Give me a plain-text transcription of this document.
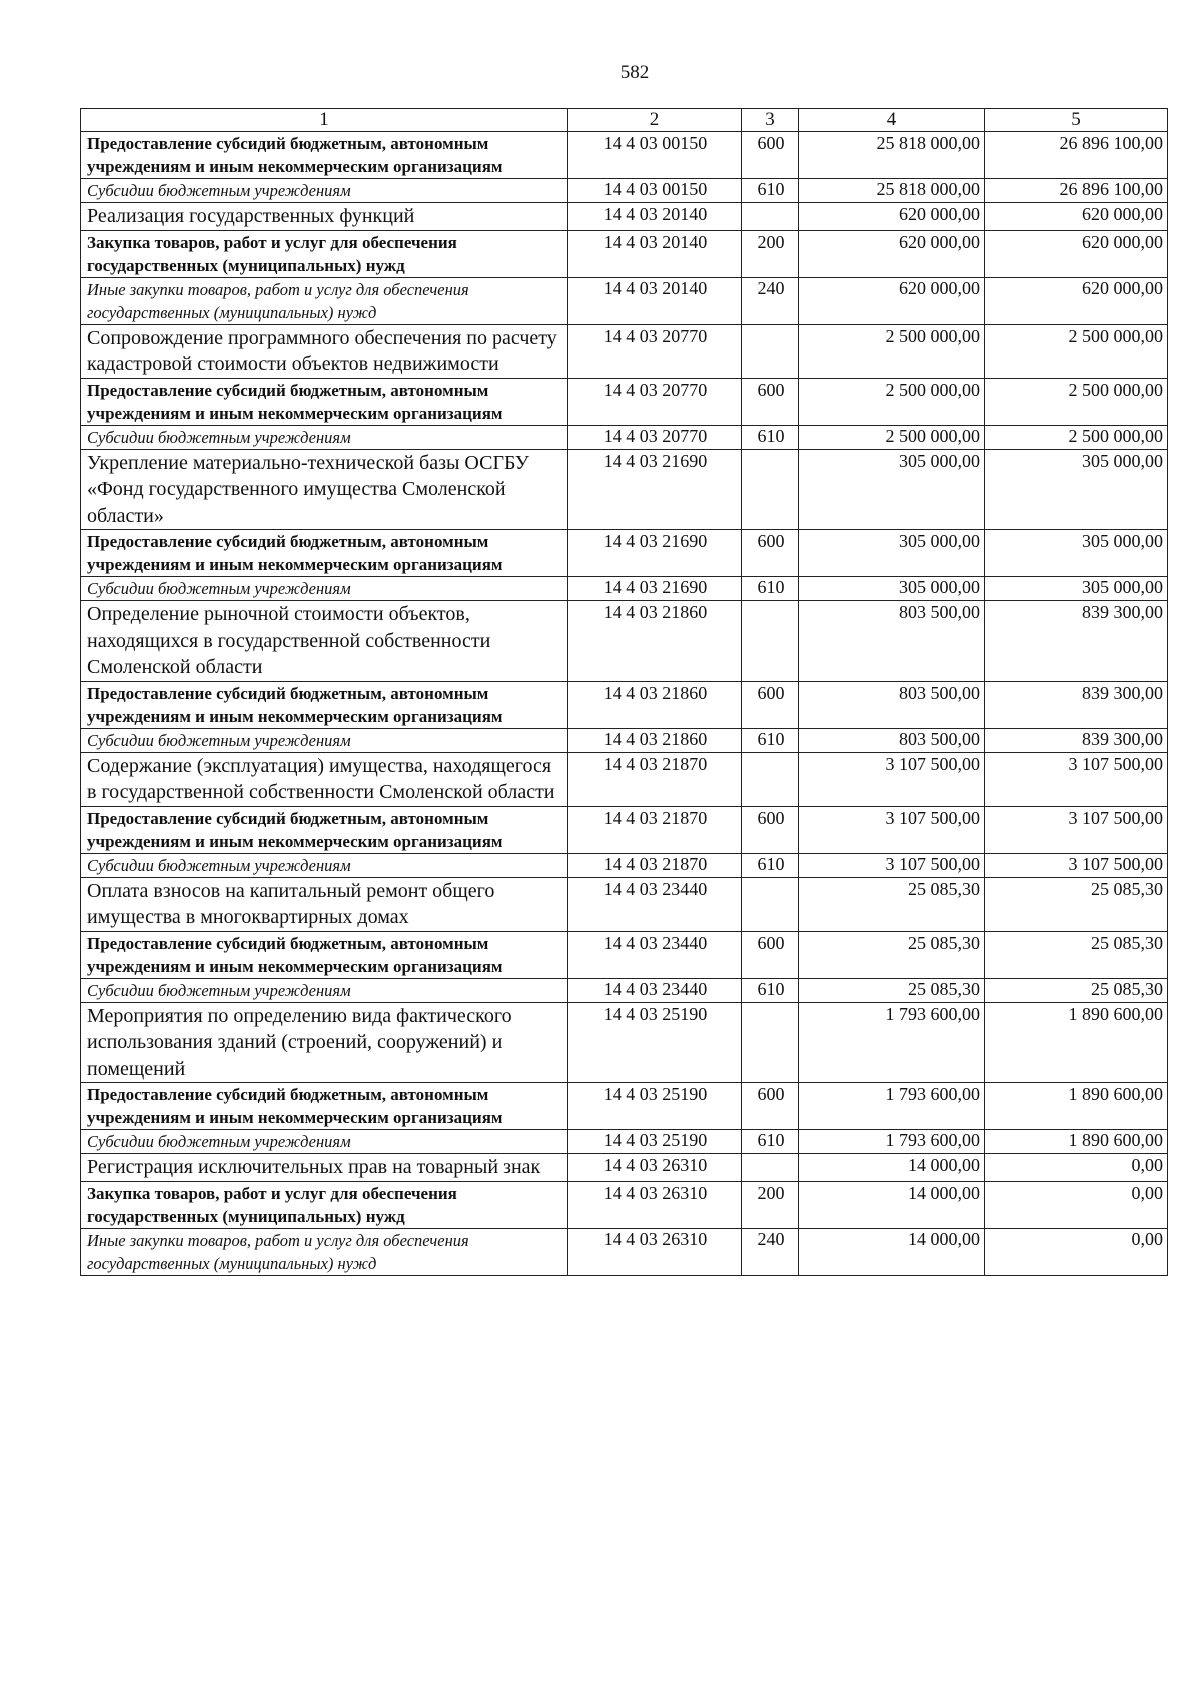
582
1	2	3	4	5
Предоставление субсидий бюджетным, автономным учреждениям и иным некоммерческим организациям	14 4 03 00150	600	25 818 000,00	26 896 100,00
Субсидии бюджетным учреждениям	14 4 03 00150	610	25 818 000,00	26 896 100,00
Реализация государственных функций	14 4 03 20140		620 000,00	620 000,00
Закупка товаров, работ и услуг для обеспечения государственных (муниципальных) нужд	14 4 03 20140	200	620 000,00	620 000,00
Иные закупки товаров, работ и услуг для обеспечения государственных (муниципальных) нужд	14 4 03 20140	240	620 000,00	620 000,00
Сопровождение программного обеспечения по расчету кадастровой стоимости объектов недвижимости	14 4 03 20770		2 500 000,00	2 500 000,00
Предоставление субсидий бюджетным, автономным учреждениям и иным некоммерческим организациям	14 4 03 20770	600	2 500 000,00	2 500 000,00
Субсидии бюджетным учреждениям	14 4 03 20770	610	2 500 000,00	2 500 000,00
Укрепление материально-технической базы ОСГБУ «Фонд государственного имущества Смоленской области»	14 4 03 21690		305 000,00	305 000,00
Предоставление субсидий бюджетным, автономным учреждениям и иным некоммерческим организациям	14 4 03 21690	600	305 000,00	305 000,00
Субсидии бюджетным учреждениям	14 4 03 21690	610	305 000,00	305 000,00
Определение рыночной стоимости объектов, находящихся в государственной собственности Смоленской области	14 4 03 21860		803 500,00	839 300,00
Предоставление субсидий бюджетным, автономным учреждениям и иным некоммерческим организациям	14 4 03 21860	600	803 500,00	839 300,00
Субсидии бюджетным учреждениям	14 4 03 21860	610	803 500,00	839 300,00
Содержание (эксплуатация) имущества, находящегося в государственной собственности Смоленской области	14 4 03 21870		3 107 500,00	3 107 500,00
Предоставление субсидий бюджетным, автономным учреждениям и иным некоммерческим организациям	14 4 03 21870	600	3 107 500,00	3 107 500,00
Субсидии бюджетным учреждениям	14 4 03 21870	610	3 107 500,00	3 107 500,00
Оплата взносов на капитальный ремонт общего имущества в многоквартирных домах	14 4 03 23440		25 085,30	25 085,30
Предоставление субсидий бюджетным, автономным учреждениям и иным некоммерческим организациям	14 4 03 23440	600	25 085,30	25 085,30
Субсидии бюджетным учреждениям	14 4 03 23440	610	25 085,30	25 085,30
Мероприятия по определению вида фактического использования зданий (строений, сооружений) и помещений	14 4 03 25190		1 793 600,00	1 890 600,00
Предоставление субсидий бюджетным, автономным учреждениям и иным некоммерческим организациям	14 4 03 25190	600	1 793 600,00	1 890 600,00
Субсидии бюджетным учреждениям	14 4 03 25190	610	1 793 600,00	1 890 600,00
Регистрация исключительных прав на товарный знак	14 4 03 26310		14 000,00	0,00
Закупка товаров, работ и услуг для обеспечения государственных (муниципальных) нужд	14 4 03 26310	200	14 000,00	0,00
Иные закупки товаров, работ и услуг для обеспечения государственных (муниципальных) нужд	14 4 03 26310	240	14 000,00	0,00
